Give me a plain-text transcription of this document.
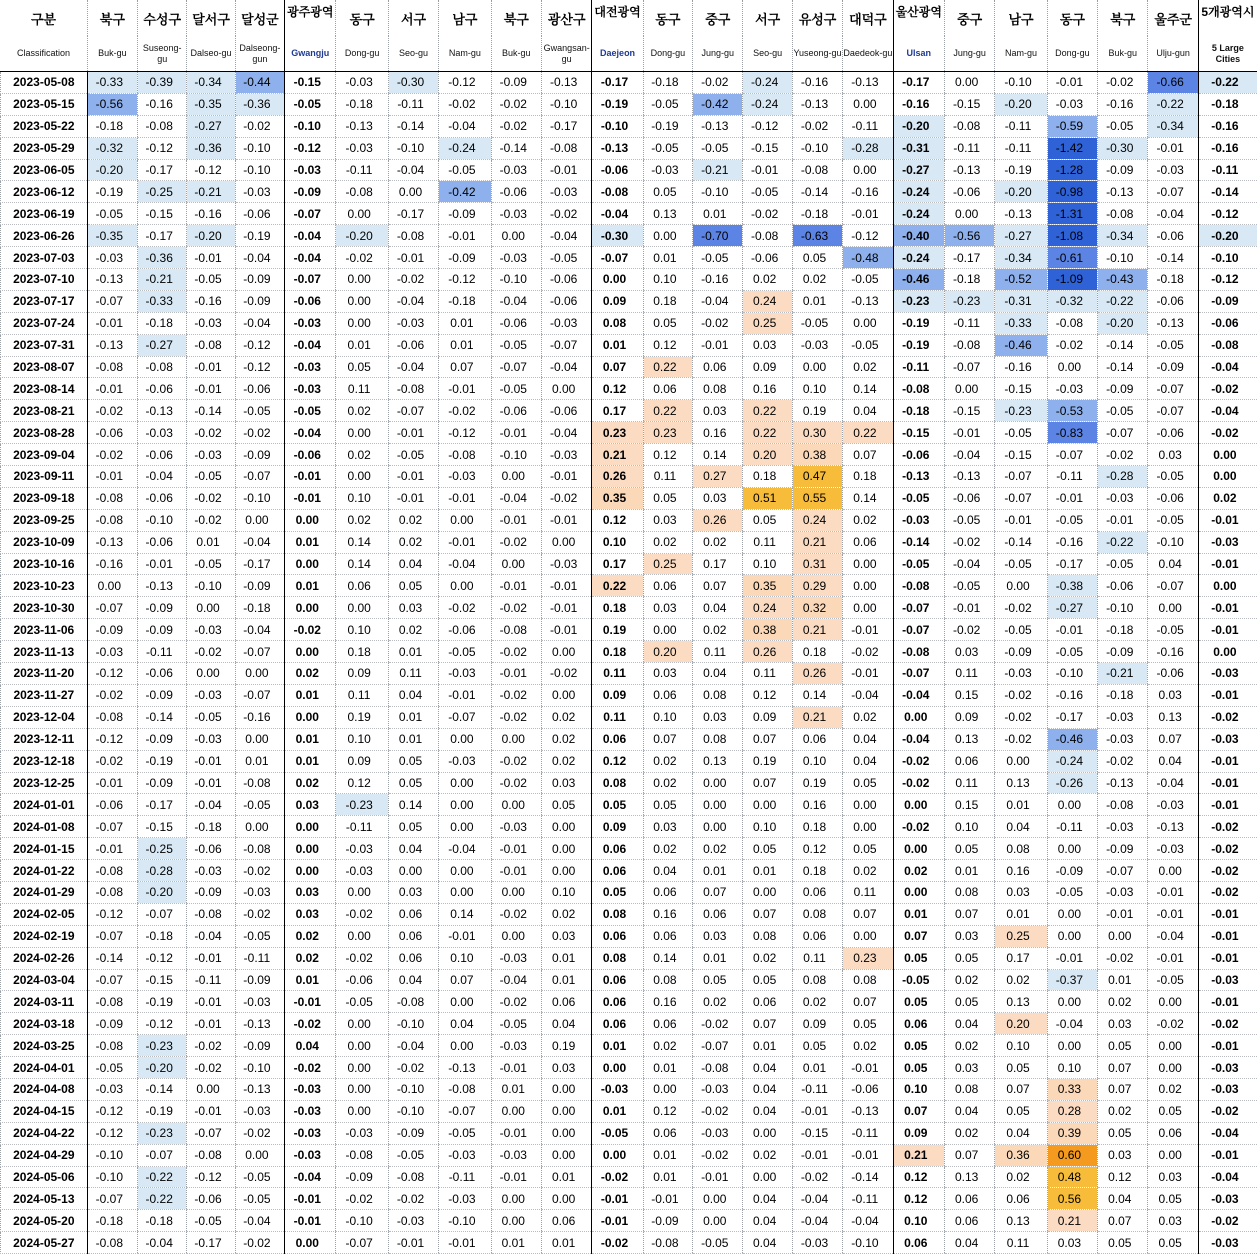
구분	북구	수성구	달서구	달성군	광주광역	동구	서구	남구	북구	광산구	대전광역	동구	중구	서구	유성구	대덕구	울산광역	중구	남구	동구	북구	울주군	5개광역시
Classification	Buk-gu	Suseong-gu	Dalseo-gu	Dalseong-gun	Gwangju	Dong-gu	Seo-gu	Nam-gu	Buk-gu	Gwangsan-gu	Daejeon	Dong-gu	Jung-gu	Seo-gu	Yuseong-gu	Daedeok-gu	Ulsan	Jung-gu	Nam-gu	Dong-gu	Buk-gu	Ulju-gun	5 Large Cities
2023-05-08	-0.33	-0.39	-0.34	-0.44	-0.15	-0.03	-0.30	-0.12	-0.09	-0.13	-0.17	-0.18	-0.02	-0.24	-0.16	-0.13	-0.17	0.00	-0.10	-0.01	-0.02	-0.66	-0.22
2023-05-15	-0.56	-0.16	-0.35	-0.36	-0.05	-0.18	-0.11	-0.02	-0.02	-0.10	-0.19	-0.05	-0.42	-0.24	-0.13	0.00	-0.16	-0.15	-0.20	-0.03	-0.16	-0.22	-0.18
2023-05-22	-0.18	-0.08	-0.27	-0.02	-0.10	-0.13	-0.14	-0.04	-0.02	-0.17	-0.10	-0.19	-0.13	-0.12	-0.02	-0.11	-0.20	-0.08	-0.11	-0.59	-0.05	-0.34	-0.16
2023-05-29	-0.32	-0.12	-0.36	-0.10	-0.12	-0.03	-0.10	-0.24	-0.14	-0.08	-0.13	-0.05	-0.05	-0.15	-0.10	-0.28	-0.31	-0.11	-0.11	-1.42	-0.30	-0.01	-0.16
2023-06-05	-0.20	-0.17	-0.12	-0.10	-0.03	-0.11	-0.04	-0.05	-0.03	-0.01	-0.06	-0.03	-0.21	-0.01	-0.08	0.00	-0.27	-0.13	-0.19	-1.28	-0.09	-0.03	-0.11
2023-06-12	-0.19	-0.25	-0.21	-0.03	-0.09	-0.08	0.00	-0.42	-0.06	-0.03	-0.08	0.05	-0.10	-0.05	-0.14	-0.16	-0.24	-0.06	-0.20	-0.98	-0.13	-0.07	-0.14
2023-06-19	-0.05	-0.15	-0.16	-0.06	-0.07	0.00	-0.17	-0.09	-0.03	-0.02	-0.04	0.13	0.01	-0.02	-0.18	-0.01	-0.24	0.00	-0.13	-1.31	-0.08	-0.04	-0.12
2023-06-26	-0.35	-0.17	-0.20	-0.19	-0.04	-0.20	-0.08	-0.01	0.00	-0.04	-0.30	0.00	-0.70	-0.08	-0.63	-0.12	-0.40	-0.56	-0.27	-1.08	-0.34	-0.06	-0.20
2023-07-03	-0.03	-0.36	-0.01	-0.04	-0.04	-0.02	-0.01	-0.09	-0.03	-0.05	-0.07	0.01	-0.05	-0.06	0.05	-0.48	-0.24	-0.17	-0.34	-0.61	-0.10	-0.14	-0.10
2023-07-10	-0.13	-0.21	-0.05	-0.09	-0.07	0.00	-0.02	-0.12	-0.10	-0.06	0.00	0.10	-0.16	0.02	0.02	-0.05	-0.46	-0.18	-0.52	-1.09	-0.43	-0.18	-0.12
2023-07-17	-0.07	-0.33	-0.16	-0.09	-0.06	0.00	-0.04	-0.18	-0.04	-0.06	0.09	0.18	-0.04	0.24	0.01	-0.13	-0.23	-0.23	-0.31	-0.32	-0.22	-0.06	-0.09
2023-07-24	-0.01	-0.18	-0.03	-0.04	-0.03	0.00	-0.03	0.01	-0.06	-0.03	0.08	0.05	-0.02	0.25	-0.05	0.00	-0.19	-0.11	-0.33	-0.08	-0.20	-0.13	-0.06
2023-07-31	-0.13	-0.27	-0.08	-0.12	-0.04	0.01	-0.06	0.01	-0.05	-0.07	0.01	0.12	-0.01	0.03	-0.03	-0.05	-0.19	-0.08	-0.46	-0.02	-0.14	-0.05	-0.08
2023-08-07	-0.08	-0.08	-0.01	-0.12	-0.03	0.05	-0.04	0.07	-0.07	-0.04	0.07	0.22	0.06	0.09	0.00	0.02	-0.11	-0.07	-0.16	0.00	-0.14	-0.09	-0.04
2023-08-14	-0.01	-0.06	-0.01	-0.06	-0.03	0.11	-0.08	-0.01	-0.05	0.00	0.12	0.06	0.08	0.16	0.10	0.14	-0.08	0.00	-0.15	-0.03	-0.09	-0.07	-0.02
2023-08-21	-0.02	-0.13	-0.14	-0.05	-0.05	0.02	-0.07	-0.02	-0.06	-0.06	0.17	0.22	0.03	0.22	0.19	0.04	-0.18	-0.15	-0.23	-0.53	-0.05	-0.07	-0.04
2023-08-28	-0.06	-0.03	-0.02	-0.02	-0.04	0.00	-0.01	-0.12	-0.01	-0.04	0.23	0.23	0.16	0.22	0.30	0.22	-0.15	-0.01	-0.05	-0.83	-0.07	-0.06	-0.02
2023-09-04	-0.02	-0.06	-0.03	-0.09	-0.06	0.02	-0.05	-0.08	-0.10	-0.03	0.21	0.12	0.14	0.20	0.38	0.07	-0.06	-0.04	-0.15	-0.07	-0.02	0.03	0.00
2023-09-11	-0.01	-0.04	-0.05	-0.07	-0.01	0.00	-0.01	-0.03	0.00	-0.01	0.26	0.11	0.27	0.18	0.47	0.18	-0.13	-0.13	-0.07	-0.11	-0.28	-0.05	0.00
2023-09-18	-0.08	-0.06	-0.02	-0.10	-0.01	0.10	-0.01	-0.01	-0.04	-0.02	0.35	0.05	0.03	0.51	0.55	0.14	-0.05	-0.06	-0.07	-0.01	-0.03	-0.06	0.02
2023-09-25	-0.08	-0.10	-0.02	0.00	0.00	0.02	0.02	0.00	-0.01	-0.01	0.12	0.03	0.26	0.05	0.24	0.02	-0.03	-0.05	-0.01	-0.05	-0.01	-0.05	-0.01
2023-10-09	-0.13	-0.06	0.01	-0.04	0.01	0.14	0.02	-0.01	-0.02	0.00	0.10	0.02	0.02	0.11	0.21	0.06	-0.14	-0.02	-0.14	-0.16	-0.22	-0.10	-0.03
2023-10-16	-0.16	-0.01	-0.05	-0.17	0.00	0.14	0.04	-0.04	0.00	-0.03	0.17	0.25	0.17	0.10	0.31	0.00	-0.05	-0.04	-0.05	-0.17	-0.05	0.04	-0.01
2023-10-23	0.00	-0.13	-0.10	-0.09	0.01	0.06	0.05	0.00	-0.01	-0.01	0.22	0.06	0.07	0.35	0.29	0.00	-0.08	-0.05	0.00	-0.38	-0.06	-0.07	0.00
2023-10-30	-0.07	-0.09	0.00	-0.18	0.00	0.00	0.03	-0.02	-0.02	-0.01	0.18	0.03	0.04	0.24	0.32	0.00	-0.07	-0.01	-0.02	-0.27	-0.10	0.00	-0.01
2023-11-06	-0.09	-0.09	-0.03	-0.04	-0.02	0.10	0.02	-0.06	-0.08	-0.01	0.19	0.00	0.02	0.38	0.21	-0.01	-0.07	-0.02	-0.05	-0.01	-0.18	-0.05	-0.01
2023-11-13	-0.03	-0.11	-0.02	-0.07	0.00	0.18	0.01	-0.05	-0.02	0.00	0.18	0.20	0.11	0.26	0.18	-0.02	-0.08	0.03	-0.09	-0.05	-0.09	-0.16	0.00
2023-11-20	-0.12	-0.06	0.00	0.00	0.02	0.09	0.11	-0.03	-0.01	-0.02	0.11	0.03	0.04	0.11	0.26	-0.01	-0.07	0.11	-0.03	-0.10	-0.21	-0.06	-0.03
2023-11-27	-0.02	-0.09	-0.03	-0.07	0.01	0.11	0.04	-0.01	-0.02	0.00	0.09	0.06	0.08	0.12	0.14	-0.04	-0.04	0.15	-0.02	-0.16	-0.18	0.03	-0.01
2023-12-04	-0.08	-0.14	-0.05	-0.16	0.00	0.19	0.01	-0.07	-0.02	0.02	0.11	0.10	0.03	0.09	0.21	0.02	0.00	0.09	-0.02	-0.17	-0.03	0.13	-0.02
2023-12-11	-0.12	-0.09	-0.03	0.00	0.01	0.10	0.01	0.00	0.00	0.02	0.06	0.07	0.08	0.07	0.06	0.04	-0.04	0.13	-0.02	-0.46	-0.03	0.07	-0.03
2023-12-18	-0.02	-0.19	-0.01	0.01	0.01	0.09	0.05	-0.03	-0.02	0.02	0.12	0.02	0.13	0.19	0.10	0.04	-0.02	0.06	0.00	-0.24	-0.02	0.04	-0.01
2023-12-25	-0.01	-0.09	-0.01	-0.08	0.02	0.12	0.05	0.00	-0.02	0.03	0.08	0.02	0.00	0.07	0.19	0.05	-0.02	0.11	0.13	-0.26	-0.13	-0.04	-0.01
2024-01-01	-0.06	-0.17	-0.04	-0.05	0.03	-0.23	0.14	0.00	0.00	0.05	0.05	0.05	0.00	0.00	0.16	0.00	0.00	0.15	0.01	0.00	-0.08	-0.03	-0.01
2024-01-08	-0.07	-0.15	-0.18	0.00	0.00	-0.11	0.05	0.00	-0.03	0.00	0.09	0.03	0.00	0.10	0.18	0.00	-0.02	0.10	0.04	-0.11	-0.03	-0.13	-0.02
2024-01-15	-0.01	-0.25	-0.06	-0.08	0.00	-0.03	0.04	-0.04	-0.01	0.00	0.06	0.02	0.02	0.05	0.12	0.05	0.00	0.05	0.08	0.00	-0.09	-0.03	-0.02
2024-01-22	-0.08	-0.28	-0.03	-0.02	0.00	-0.03	0.00	0.00	-0.01	0.00	0.06	0.04	0.01	0.01	0.18	0.02	0.02	0.01	0.16	-0.09	-0.07	0.00	-0.02
2024-01-29	-0.08	-0.20	-0.09	-0.03	0.03	0.00	0.03	0.00	0.00	0.10	0.05	0.06	0.07	0.00	0.06	0.11	0.00	0.08	0.03	-0.05	-0.03	-0.01	-0.02
2024-02-05	-0.12	-0.07	-0.08	-0.02	0.03	-0.02	0.06	0.14	-0.02	0.02	0.08	0.16	0.06	0.07	0.08	0.07	0.01	0.07	0.01	0.00	-0.01	-0.01	-0.01
2024-02-19	-0.07	-0.18	-0.04	-0.05	0.02	0.00	0.06	-0.01	0.00	0.03	0.06	0.06	0.03	0.08	0.06	0.00	0.07	0.03	0.25	0.00	0.00	-0.04	-0.01
2024-02-26	-0.14	-0.12	-0.01	-0.11	0.02	-0.02	0.06	0.10	-0.03	0.01	0.08	0.14	0.01	0.02	0.11	0.23	0.05	0.05	0.17	-0.01	-0.02	-0.01	-0.01
2024-03-04	-0.07	-0.15	-0.11	-0.09	0.01	-0.06	0.04	0.07	-0.04	0.01	0.06	0.08	0.05	0.05	0.08	0.08	-0.05	0.02	0.02	-0.37	0.01	-0.05	-0.03
2024-03-11	-0.08	-0.19	-0.01	-0.03	-0.01	-0.05	-0.08	0.00	-0.02	0.06	0.06	0.16	0.02	0.06	0.02	0.07	0.05	0.05	0.13	0.00	0.02	0.00	-0.01
2024-03-18	-0.09	-0.12	-0.01	-0.13	-0.02	0.00	-0.10	0.04	-0.05	0.04	0.06	0.06	-0.02	0.07	0.09	0.05	0.06	0.04	0.20	-0.04	0.03	-0.02	-0.02
2024-03-25	-0.08	-0.23	-0.02	-0.09	0.04	0.00	-0.04	0.00	-0.03	0.19	0.01	0.02	-0.07	0.01	0.05	0.02	0.05	0.02	0.10	0.00	0.05	0.00	-0.01
2024-04-01	-0.05	-0.20	-0.02	-0.10	-0.02	0.00	-0.02	-0.13	-0.01	0.03	0.00	0.01	-0.08	0.04	0.01	-0.01	0.05	0.03	0.05	0.10	0.07	0.00	-0.03
2024-04-08	-0.03	-0.14	0.00	-0.13	-0.03	0.00	-0.10	-0.08	0.01	0.00	-0.03	0.00	-0.03	0.04	-0.11	-0.06	0.10	0.08	0.07	0.33	0.07	0.02	-0.03
2024-04-15	-0.12	-0.19	-0.01	-0.03	-0.03	0.00	-0.10	-0.07	0.00	0.00	0.01	0.12	-0.02	0.04	-0.01	-0.13	0.07	0.04	0.05	0.28	0.02	0.05	-0.02
2024-04-22	-0.12	-0.23	-0.07	-0.02	-0.03	-0.03	-0.09	-0.05	-0.01	0.00	-0.05	0.06	-0.03	0.00	-0.15	-0.11	0.09	0.02	0.04	0.39	0.05	0.06	-0.04
2024-04-29	-0.10	-0.07	-0.08	0.00	-0.03	-0.08	-0.05	-0.03	-0.03	0.00	0.00	0.01	-0.02	0.02	-0.01	-0.01	0.21	0.07	0.36	0.60	0.03	0.00	-0.01
2024-05-06	-0.10	-0.22	-0.12	-0.05	-0.04	-0.09	-0.08	-0.11	-0.01	0.01	-0.02	0.01	-0.01	0.00	-0.02	-0.14	0.12	0.13	0.02	0.48	0.12	0.03	-0.04
2024-05-13	-0.07	-0.22	-0.06	-0.05	-0.01	-0.02	-0.02	-0.03	0.00	0.00	-0.01	-0.01	0.00	0.04	-0.04	-0.11	0.12	0.06	0.06	0.56	0.04	0.05	-0.03
2024-05-20	-0.18	-0.18	-0.05	-0.04	-0.01	-0.10	-0.03	-0.10	0.00	0.06	-0.01	-0.09	0.00	0.04	-0.04	-0.04	0.10	0.06	0.13	0.21	0.07	0.03	-0.02
2024-05-27	-0.08	-0.04	-0.17	-0.02	0.00	-0.07	-0.01	-0.01	0.01	0.01	-0.02	-0.08	-0.05	0.04	-0.03	-0.10	0.06	0.04	0.11	0.03	0.05	0.05	-0.03
